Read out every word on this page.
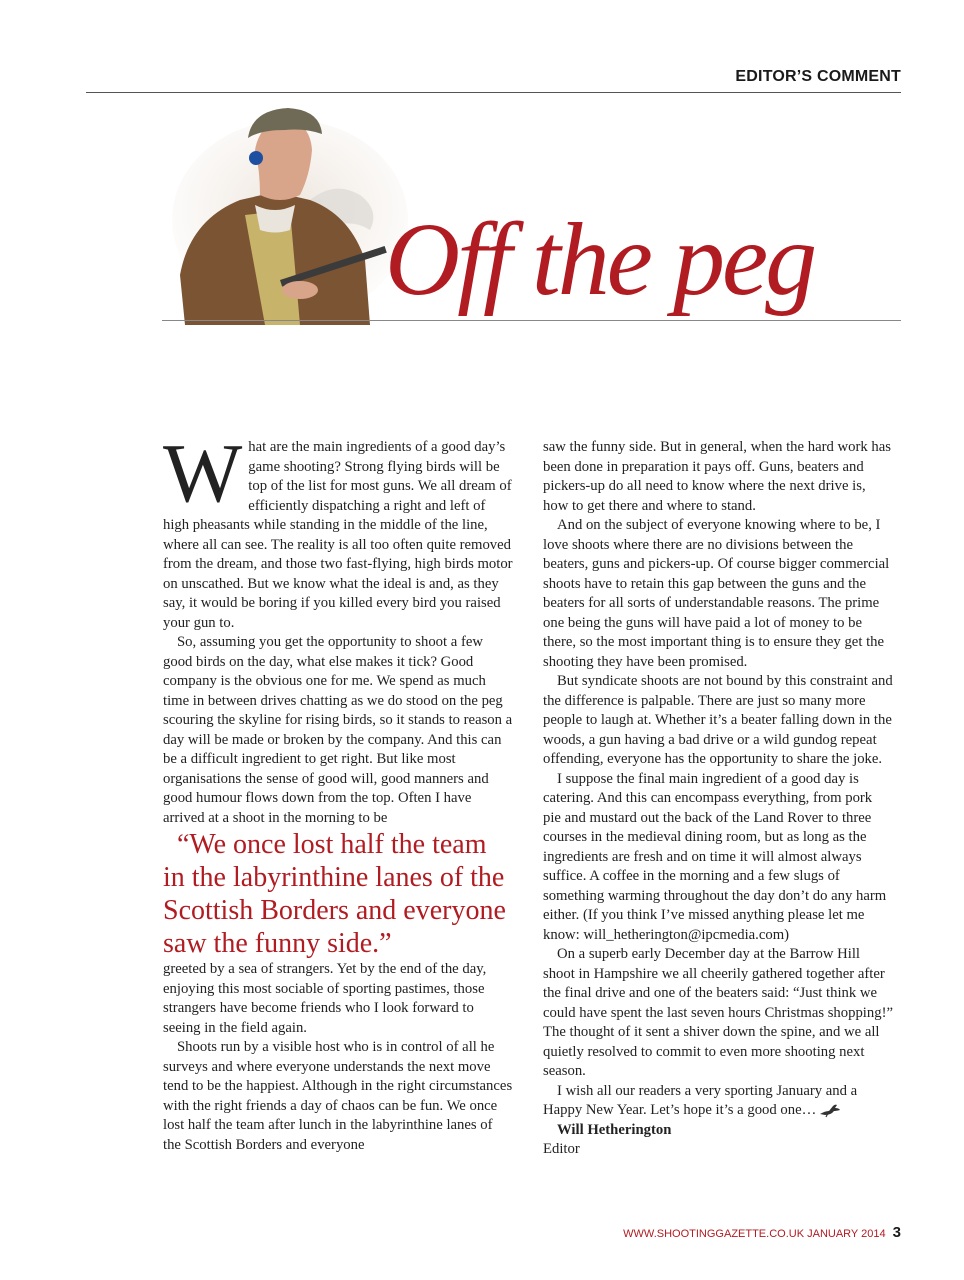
EDITOR’S COMMENT
Off the peg

What are the main ingredients of a good day’s game shooting? Strong flying birds will be top of the list for most guns. We all dream of efficiently dispatching a right and left of high pheasants while standing in the middle of the line, where all can see. The reality is all too often quite removed from the dream, and those two fast-flying, high birds motor on unscathed. But we know what the ideal is and, as they say, it would be boring if you killed every bird you raised your gun to.

So, assuming you get the opportunity to shoot a few good birds on the day, what else makes it tick? Good company is the obvious one for me. We spend as much time in between drives chatting as we do stood on the peg scouring the skyline for rising birds, so it stands to reason a day will be made or broken by the company. And this can be a difficult ingredient to get right. But like most organisations the sense of good will, good manners and good humour flows down from the top. Often I have arrived at a shoot in the morning to be

“We once lost half the team in the labyrinthine lanes of the Scottish Borders and everyone saw the funny side.”

greeted by a sea of strangers. Yet by the end of the day, enjoying this most sociable of sporting pastimes, those strangers have become friends who I look forward to seeing in the field again.

Shoots run by a visible host who is in control of all he surveys and where everyone understands the next move tend to be the happiest. Although in the right circumstances with the right friends a day of chaos can be fun. We once lost half the team after lunch in the labyrinthine lanes of the Scottish Borders and everyone

saw the funny side. But in general, when the hard work has been done in preparation it pays off. Guns, beaters and pickers-up do all need to know where the next drive is, how to get there and where to stand.

And on the subject of everyone knowing where to be, I love shoots where there are no divisions between the beaters, guns and pickers-up. Of course bigger commercial shoots have to retain this gap between the guns and the beaters for all sorts of understandable reasons. The prime one being the guns will have paid a lot of money to be there, so the most important thing is to ensure they get the shooting they have been promised.

But syndicate shoots are not bound by this constraint and the difference is palpable. There are just so many more people to laugh at. Whether it’s a beater falling down in the woods, a gun having a bad drive or a wild gundog repeat offending, everyone has the opportunity to share the joke.

I suppose the final main ingredient of a good day is catering. And this can encompass everything, from pork pie and mustard out the back of the Land Rover to three courses in the medieval dining room, but as long as the ingredients are fresh and on time it will almost always suffice. A coffee in the morning and a few slugs of something warming throughout the day don’t do any harm either. (If you think I’ve missed anything please let me know: will_hetherington@ipcmedia.com)

On a superb early December day at the Barrow Hill shoot in Hampshire we all cheerily gathered together after the final drive and one of the beaters said: “Just think we could have spent the last seven hours Christmas shopping!” The thought of it sent a shiver down the spine, and we all quietly resolved to commit to even more shooting next season.

I wish all our readers a very sporting January and a Happy New Year. Let’s hope it’s a good one…

Will Hetherington

Editor

WWW.SHOOTINGGAZETTE.CO.UK JANUARY 2014 3
